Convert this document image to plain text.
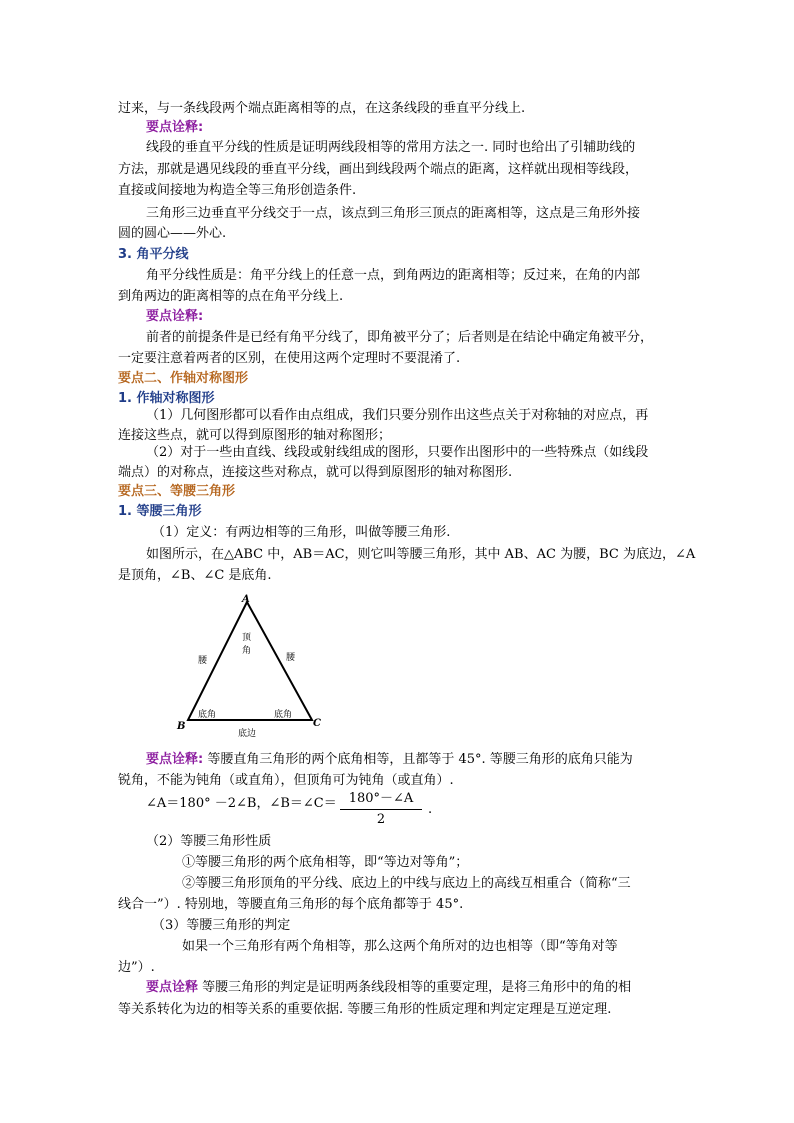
过来，与一条线段两个端点距离相等的点，在这条线段的垂直平分线上.
要点诠释:
线段的垂直平分线的性质是证明两线段相等的常用方法之一. 同时也给出了引辅助线的
方法，那就是遇见线段的垂直平分线，画出到线段两个端点的距离，这样就出现相等线段，
直接或间接地为构造全等三角形创造条件.
三角形三边垂直平分线交于一点，该点到三角形三顶点的距离相等，这点是三角形外接
圆的圆心——外心.
3. 角平分线
角平分线性质是：角平分线上的任意一点，到角两边的距离相等；反过来，在角的内部
到角两边的距离相等的点在角平分线上.
要点诠释:
前者的前提条件是已经有角平分线了，即角被平分了；后者则是在结论中确定角被平分，
一定要注意着两者的区别，在使用这两个定理时不要混淆了.
要点二、作轴对称图形
1. 作轴对称图形
（1）几何图形都可以看作由点组成，我们只要分别作出这些点关于对称轴的对应点，再
连接这些点，就可以得到原图形的轴对称图形；
（2）对于一些由直线、线段或射线组成的图形，只要作出图形中的一些特殊点（如线段
端点）的对称点，连接这些对称点，就可以得到原图形的轴对称图形.
要点三、等腰三角形
1. 等腰三角形
（1）定义：有两边相等的三角形，叫做等腰三角形.
如图所示，在△ABC 中，AB＝AC，则它叫等腰三角形，其中 AB、AC 为腰，BC 为底边，∠A
是顶角，∠B、∠C 是底角.
A
B	C
顶
角
腰	腰
底角	底角
底边
要点诠释: 等腰直角三角形的两个底角相等，且都等于 45°. 等腰三角形的底角只能为
锐角，不能为钝角（或直角），但顶角可为钝角（或直角）.
∠A＝180° －2∠B，∠B＝∠C＝ 180°－∠A
2
.
（2）等腰三角形性质
①等腰三角形的两个底角相等，即“等边对等角”；
②等腰三角形顶角的平分线、底边上的中线与底边上的高线互相重合（简称“三
线合一”）. 特别地，等腰直角三角形的每个底角都等于 45°.
（3）等腰三角形的判定
如果一个三角形有两个角相等，那么这两个角所对的边也相等（即“等角对等
边”）.
要点诠释 等腰三角形的判定是证明两条线段相等的重要定理，是将三角形中的角的相
等关系转化为边的相等关系的重要依据. 等腰三角形的性质定理和判定定理是互逆定理.
